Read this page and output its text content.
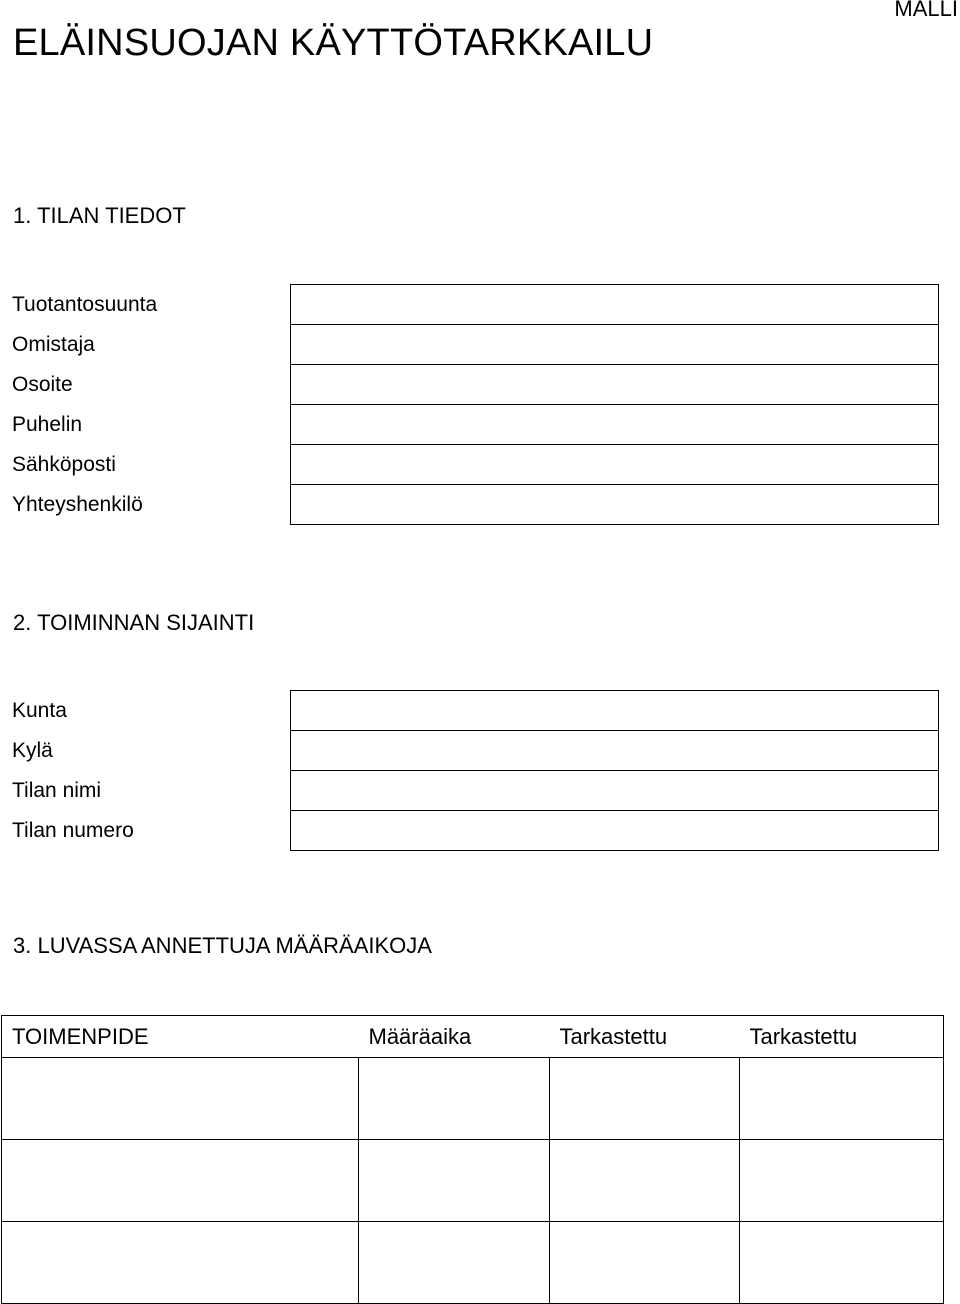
MALLI
ELÄINSUOJAN KÄYTTÖTARKKAILU
1. TILAN TIEDOT
Tuotantosuunta	
Omistaja	
Osoite	
Puhelin	
Sähköposti	
Yhteyshenkilö	
2. TOIMINNAN SIJAINTI
Kunta	
Kylä	
Tilan nimi	
Tilan numero	
3. LUVASSA ANNETTUJA MÄÄRÄAIKOJA
TOIMENPIDE	Määräaika	Tarkastettu	Tarkastettu
